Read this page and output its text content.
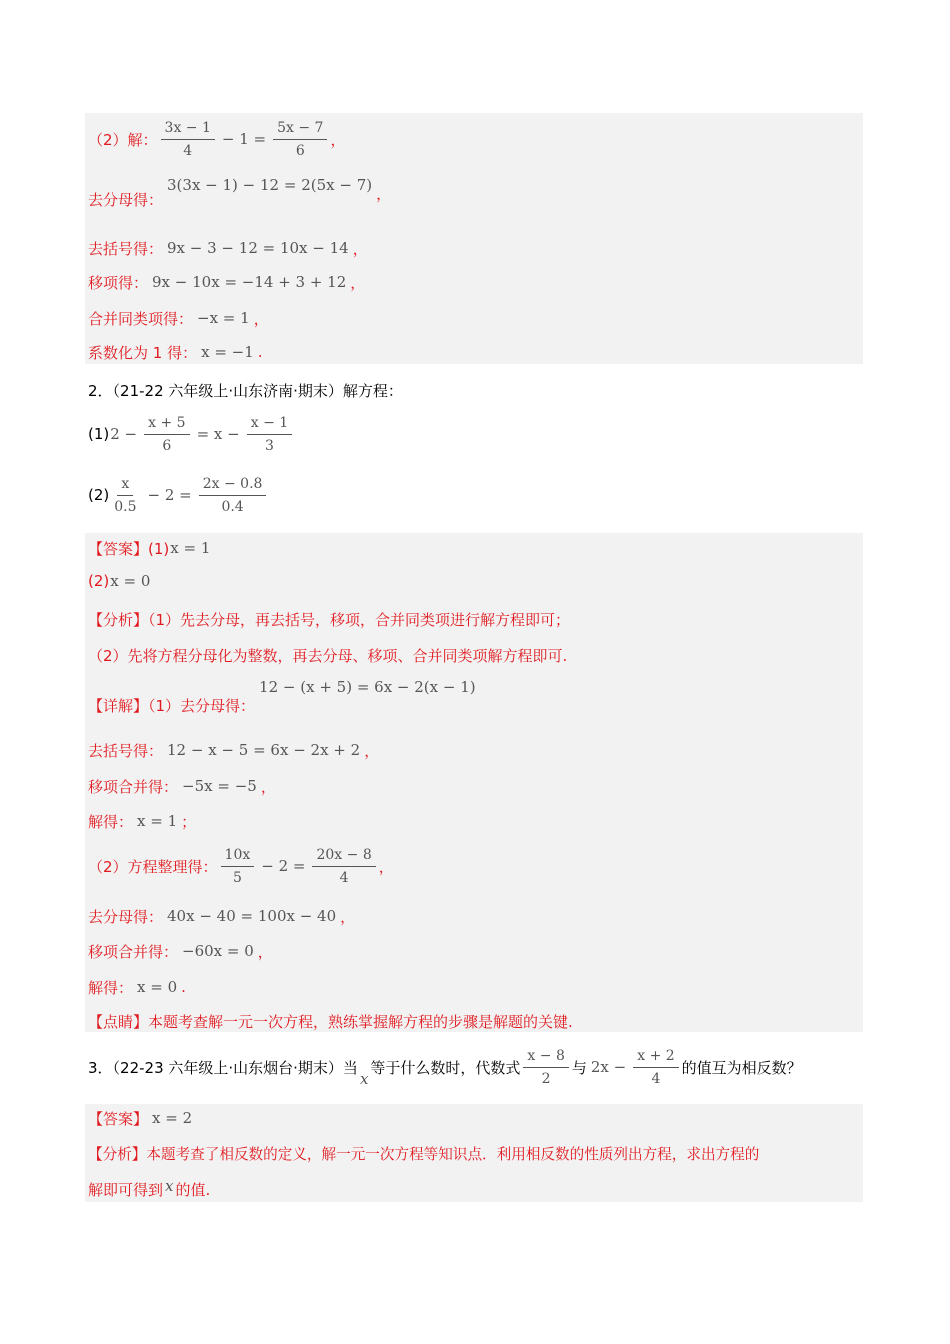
（2）解： $\frac{3x - 1}{4} - 1 = \frac{5x - 7}{6}$ ，
去分母得：
3(3x − 1) − 12 = 2(5x − 7) ，
去括号得： 9x − 3 − 12 = 10x − 14 ，
移项得： 9x − 10x = −14 + 3 + 12 ，
合并同类项得： −x = 1 ，
系数化为 1 得： x = −1 .
2．（21-22 六年级上·山东济南·期末）解方程：
(1) $2 - \frac{x + 5}{6} = x - \frac{x - 1}{3}$
$(2) \frac{x}{0.5} - 2 = \frac{2x - 0.8}{0.4}$
【答案】(1) x = 1
(2) x = 0
【分析】（1）先去分母，再去括号，移项，合并同类项进行解方程即可；
（2）先将方程分母化为整数，再去分母、移项、合并同类项解方程即可.
【详解】（1）去分母得：
12 − (x + 5) = 6x − 2(x − 1)
去括号得： 12 − x − 5 = 6x − 2x + 2 ，
移项合并得： −5x = −5 ，
解得： x = 1 ；
（2）方程整理得： $\frac{10x}{5} - 2 = \frac{20x - 8}{4}$ ，
去分母得： 40x − 40 = 100x − 40 ，
移项合并得： −60x = 0 ，
解得： x = 0 .
【点睛】本题考查解一元一次方程，熟练掌握解方程的步骤是解题的关键.
3．（22-23 六年级上·山东烟台·期末）当
x
等于什么数时，代数式 $\frac{x - 8}{2}$ 与 $2x - \frac{x + 2}{4}$ 的值互为相反数？
【答案】 x = 2
【分析】本题考查了相反数的定义，解一元一次方程等知识点．利用相反数的性质列出方程，求出方程的
解即可得到 x 的值.
